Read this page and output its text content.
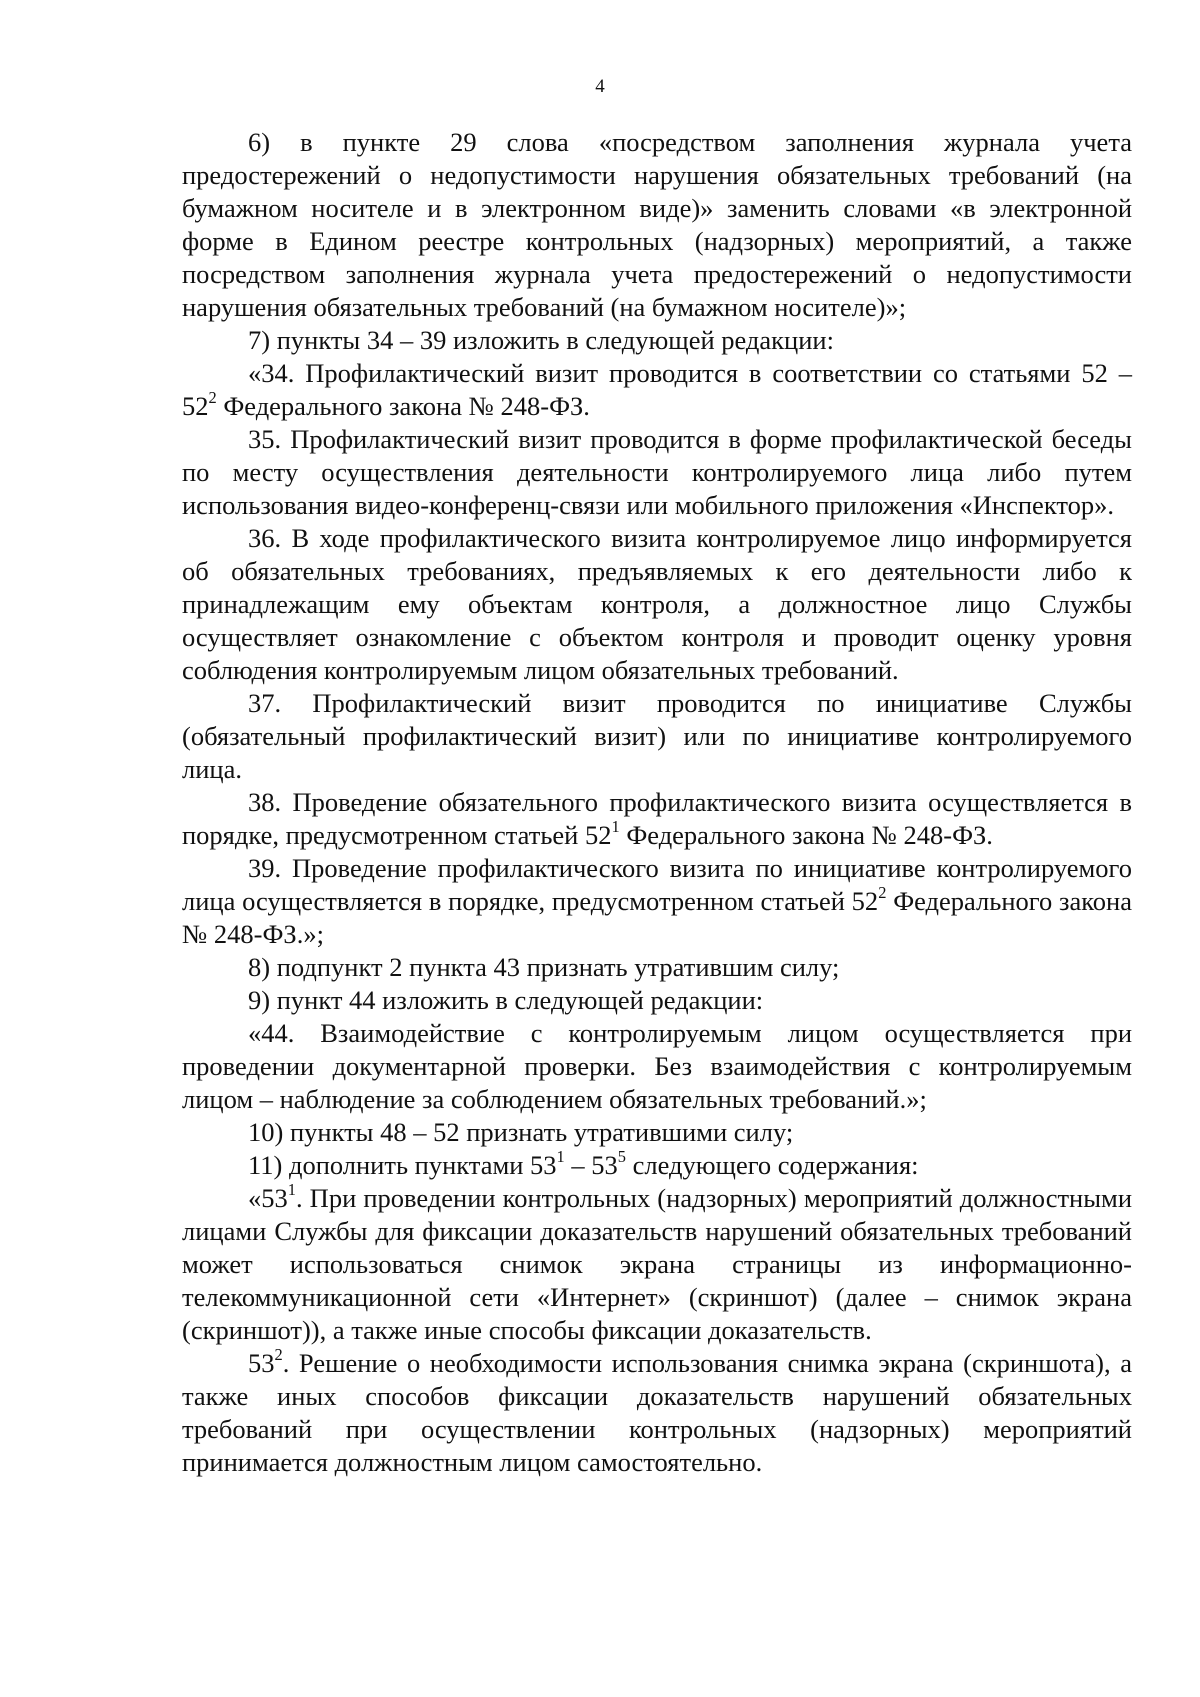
4

6) в пункте 29 слова «посредством заполнения журнала учета предостережений о недопустимости нарушения обязательных требований (на бумажном носителе и в электронном виде)» заменить словами «в электронной форме в Едином реестре контрольных (надзорных) мероприятий, а также посредством заполнения журнала учета предостережений о недопустимости нарушения обязательных требований (на бумажном носителе)»;

7) пункты 34 – 39 изложить в следующей редакции:

«34. Профилактический визит проводится в соответствии со статьями $52 - 52^2$ Федерального закона № 248-ФЗ.

35. Профилактический визит проводится в форме профилактической беседы по месту осуществления деятельности контролируемого лица либо путем использования видео-конференц-связи или мобильного приложения «Инспектор».

36. В ходе профилактического визита контролируемое лицо информируется об обязательных требованиях, предъявляемых к его деятельности либо к принадлежащим ему объектам контроля, а должностное лицо Службы осуществляет ознакомление с объектом контроля и проводит оценку уровня соблюдения контролируемым лицом обязательных требований.

37. Профилактический визит проводится по инициативе Службы (обязательный профилактический визит) или по инициативе контролируемого лица.

38. Проведение обязательного профилактического визита осуществляется в порядке, предусмотренном статьей $52^1$ Федерального закона № 248-ФЗ.

39. Проведение профилактического визита по инициативе контролируемого лица осуществляется в порядке, предусмотренном статьей $52^2$ Федерального закона № 248-ФЗ.»;

8) подпункт 2 пункта 43 признать утратившим силу;

9) пункт 44 изложить в следующей редакции:

«44. Взаимодействие с контролируемым лицом осуществляется при проведении документарной проверки. Без взаимодействия с контролируемым лицом – наблюдение за соблюдением обязательных требований.»;

10) пункты 48 – 52 признать утратившими силу;

11) дополнить пунктами $53^1 - 53^5$ следующего содержания:

«$53^1$. При проведении контрольных (надзорных) мероприятий должностными лицами Службы для фиксации доказательств нарушений обязательных требований может использоваться снимок экрана страницы из информационно-телекоммуникационной сети «Интернет» (скриншот) (далее – снимок экрана (скриншот)), а также иные способы фиксации доказательств.

$53^2$. Решение о необходимости использования снимка экрана (скриншота), а также иных способов фиксации доказательств нарушений обязательных требований при осуществлении контрольных (надзорных) мероприятий принимается должностным лицом самостоятельно.
